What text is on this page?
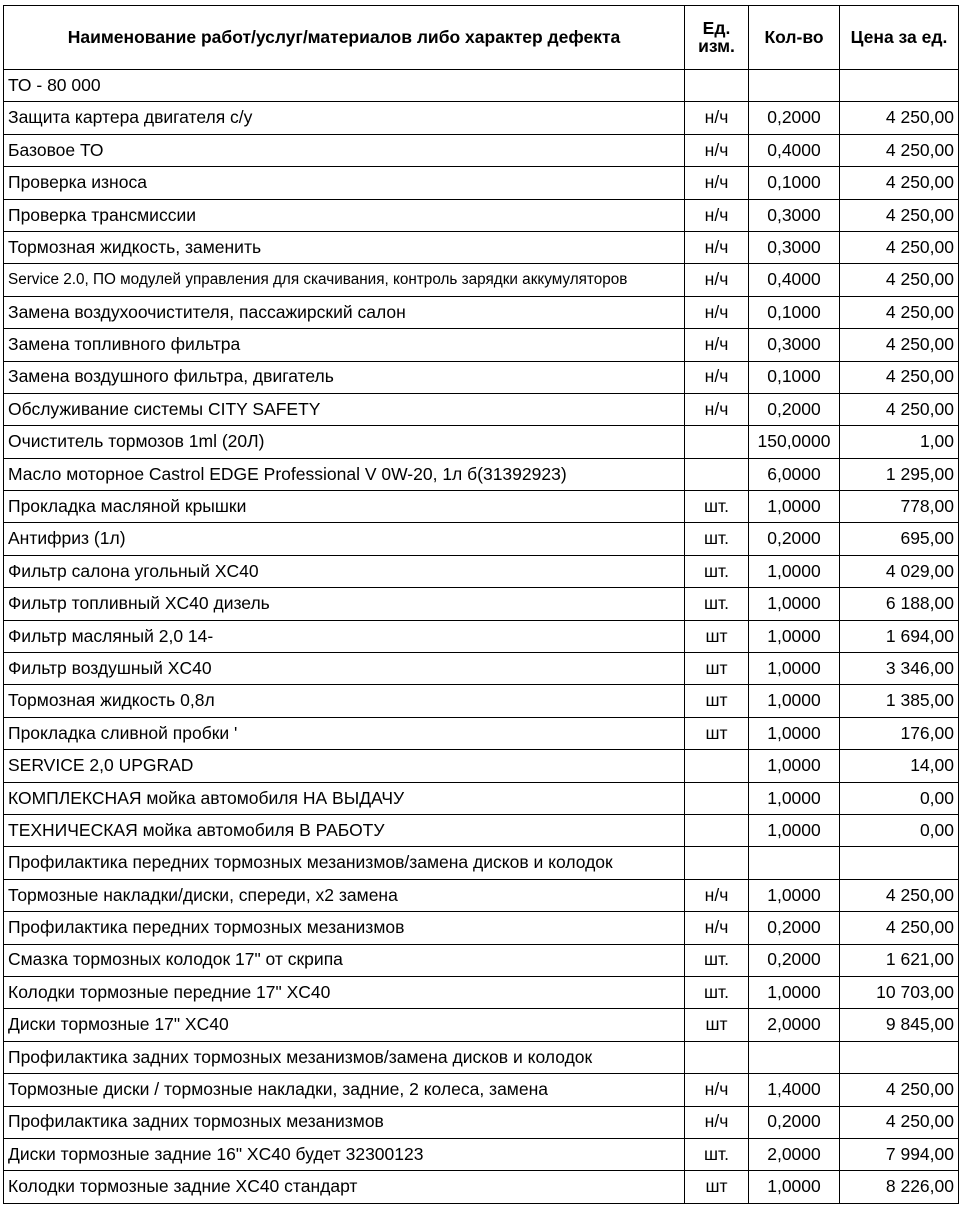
Наименование работ/услуг/материалов либо характер дефекта	Ед. изм.	Кол-во	Цена за ед.
ТО - 80 000			
Защита картера двигателя с/у	н/ч	0,2000	4 250,00
Базовое ТО	н/ч	0,4000	4 250,00
Проверка износа	н/ч	0,1000	4 250,00
Проверка трансмиссии	н/ч	0,3000	4 250,00
Тормозная жидкость, заменить	н/ч	0,3000	4 250,00
Service 2.0, ПО модулей управления для скачивания, контроль зарядки аккумуляторов	н/ч	0,4000	4 250,00
Замена воздухоочистителя, пассажирский салон	н/ч	0,1000	4 250,00
Замена топливного фильтра	н/ч	0,3000	4 250,00
Замена воздушного фильтра, двигатель	н/ч	0,1000	4 250,00
Обслуживание системы CITY SAFETY	н/ч	0,2000	4 250,00
Очиститель тормозов 1ml (20Л)		150,0000	1,00
Масло моторное Castrol EDGE Professional V 0W-20, 1л б(31392923)		6,0000	1 295,00
Прокладка масляной крышки	шт.	1,0000	778,00
Антифриз (1л)	шт.	0,2000	695,00
Фильтр салона угольный XC40	шт.	1,0000	4 029,00
Фильтр топливный XC40 дизель	шт.	1,0000	6 188,00
Фильтр масляный 2,0 14-	шт	1,0000	1 694,00
Фильтр воздушный XC40	шт	1,0000	3 346,00
Тормозная жидкость 0,8л	шт	1,0000	1 385,00
Прокладка сливной пробки '	шт	1,0000	176,00
SERVICE 2,0 UPGRAD		1,0000	14,00
КОМПЛЕКСНАЯ мойка автомобиля НА ВЫДАЧУ		1,0000	0,00
ТЕХНИЧЕСКАЯ мойка автомобиля В РАБОТУ		1,0000	0,00
Профилактика передних тормозных мезанизмов/замена дисков и колодок			
Тормозные накладки/диски, спереди, x2 замена	н/ч	1,0000	4 250,00
Профилактика передних тормозных мезанизмов	н/ч	0,2000	4 250,00
Смазка тормозных колодок 17" от скрипа	шт.	0,2000	1 621,00
Колодки тормозные передние 17" XC40	шт.	1,0000	10 703,00
Диски тормозные 17" XC40	шт	2,0000	9 845,00
Профилактика задних тормозных мезанизмов/замена дисков и колодок			
Тормозные диски / тормозные накладки, задние, 2 колеса, замена	н/ч	1,4000	4 250,00
Профилактика задних тормозных мезанизмов	н/ч	0,2000	4 250,00
Диски тормозные задние 16" XC40 будет 32300123	шт.	2,0000	7 994,00
Колодки тормозные задние XC40 стандарт	шт	1,0000	8 226,00
